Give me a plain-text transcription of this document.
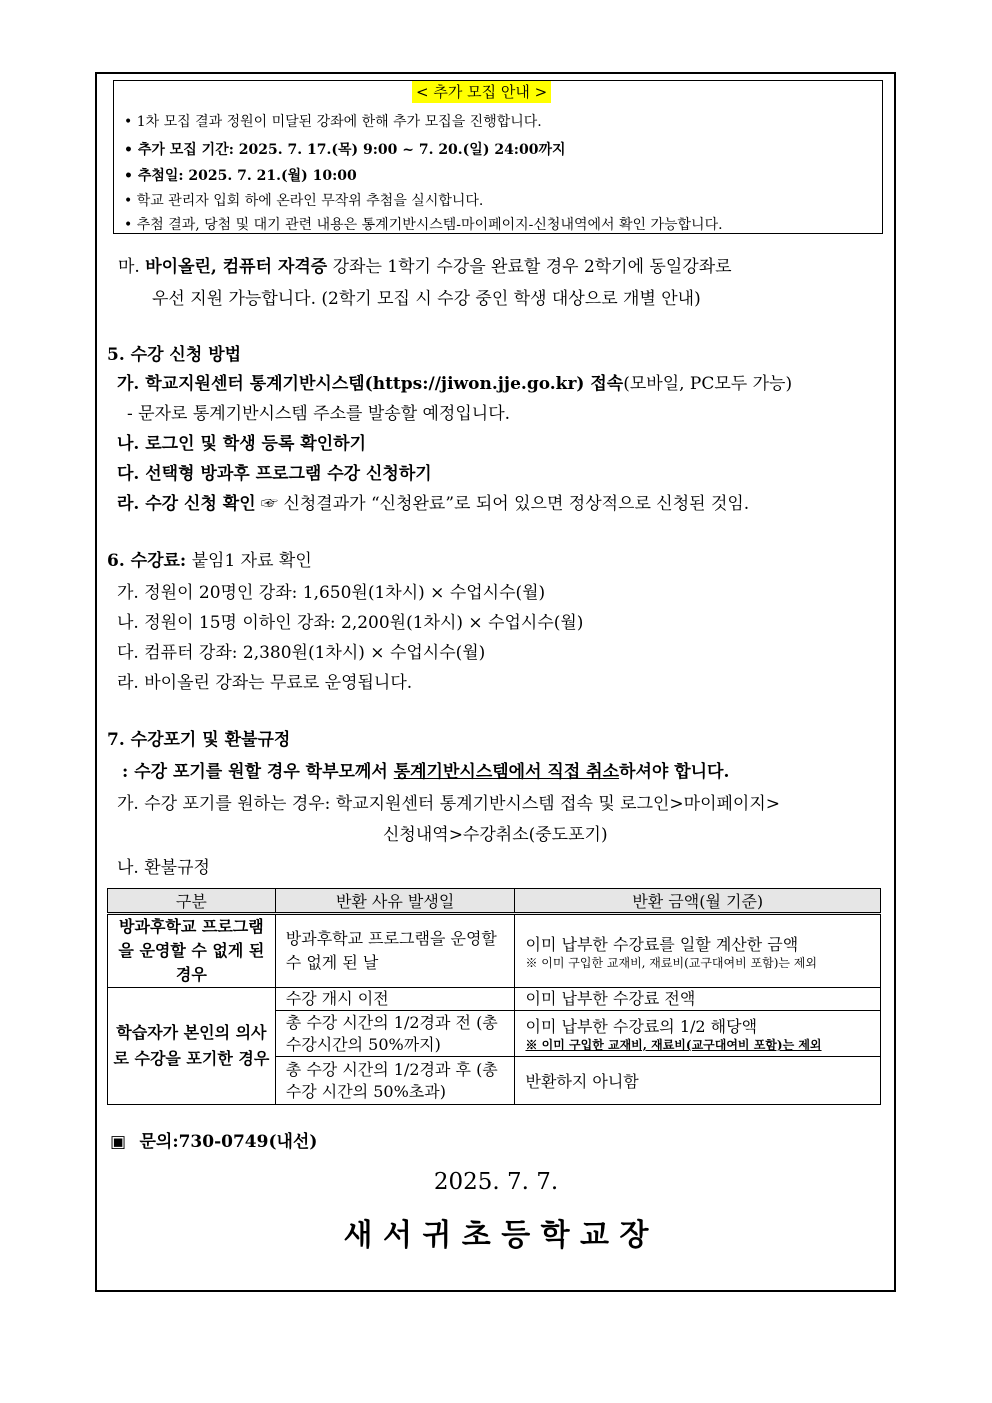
< 추가 모집 안내 >
• 1차 모집 결과 정원이 미달된 강좌에 한해 추가 모집을 진행합니다.
• 추가 모집 기간: 2025. 7. 17.(목) 9:00 ~ 7. 20.(일) 24:00까지
• 추첨일: 2025. 7. 21.(월) 10:00
• 학교 관리자 입회 하에 온라인 무작위 추첨을 실시합니다.
• 추첨 결과, 당첨 및 대기 관련 내용은 통계기반시스템-마이페이지-신청내역에서 확인 가능합니다.
마. 바이올린, 컴퓨터 자격증 강좌는 1학기 수강을 완료할 경우 2학기에 동일강좌로
우선 지원 가능합니다. (2학기 모집 시 수강 중인 학생 대상으로 개별 안내)
5. 수강 신청 방법
가. 학교지원센터 통계기반시스템(https://jiwon.jje.go.kr) 접속(모바일, PC모두 가능)
- 문자로 통계기반시스템 주소를 발송할 예정입니다.
나. 로그인 및 학생 등록 확인하기
다. 선택형 방과후 프로그램 수강 신청하기
라. 수강 신청 확인 ☞ 신청결과가 “신청완료”로 되어 있으면 정상적으로 신청된 것임.
6. 수강료: 붙임1 자료 확인
가. 정원이 20명인 강좌: 1,650원(1차시) × 수업시수(월)
나. 정원이 15명 이하인 강좌: 2,200원(1차시) × 수업시수(월)
다. 컴퓨터 강좌: 2,380원(1차시) × 수업시수(월)
라. 바이올린 강좌는 무료로 운영됩니다.
7. 수강포기 및 환불규정
: 수강 포기를 원할 경우 학부모께서 통계기반시스템에서 직접 취소하셔야 합니다.
가. 수강 포기를 원하는 경우: 학교지원센터 통계기반시스템 접속 및 로그인>마이페이지>
신청내역>수강취소(중도포기)
나. 환불규정
구분	반환 사유 발생일	반환 금액(월 기준)
방과후학교 프로그램을 운영할 수 없게 된 경우	방과후학교 프로그램을 운영할 수 없게 된 날	이미 납부한 수강료를 일할 계산한 금액
※ 이미 구입한 교재비, 재료비(교구대여비 포함)는 제외

학습자가 본인의 의사로 수강을 포기한 경우	수강 개시 이전	이미 납부한 수강료 전액
	총 수강 시간의 1/2경과 전 (총 수강시간의 50%까지)	이미 납부한 수강료의 1/2 해당액
※ 이미 구입한 교재비, 재료비(교구대여비 포함)는 제외

	총 수강 시간의 1/2경과 후 (총 수강 시간의 50%초과)	반환하지 아니함
▣ 문의:730-0749(내선)
2025. 7. 7.
새 서 귀 초 등 학 교 장
